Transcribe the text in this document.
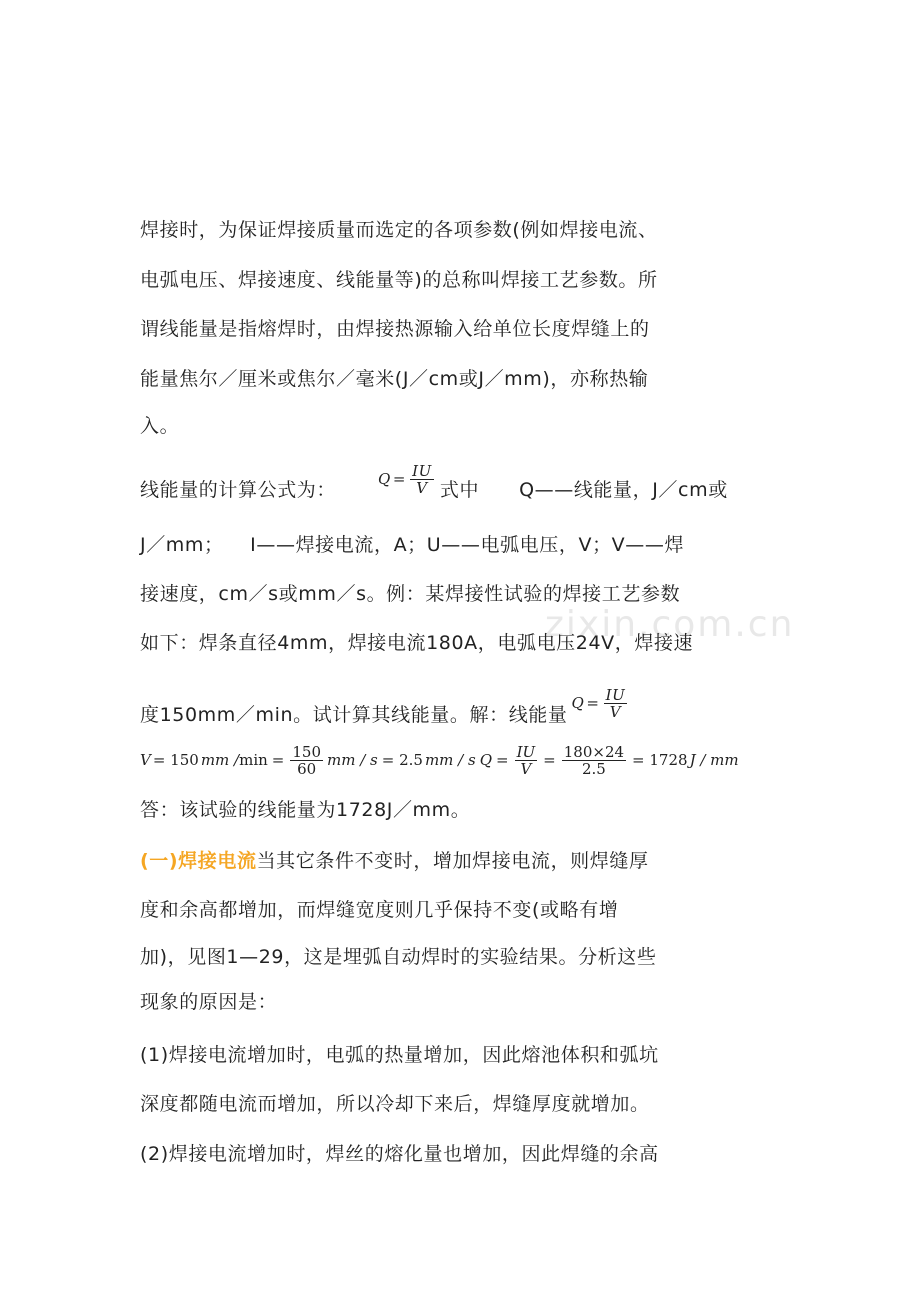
zixin.com.cn
焊接时，为保证焊接质量而选定的各项参数(例如焊接电流、
电弧电压、焊接速度、线能量等)的总称叫焊接工艺参数。所
谓线能量是指熔焊时，由焊接热源输入给单位长度焊缝上的
能量焦尔／厘米或焦尔／毫米(J／cm或J／mm)，亦称热输
入。
线能量的计算公式为：	$Q = \frac{IU}{V}$ 式中 Q——线能量，J／cm或
J／mm；    I——焊接电流，A；U——电弧电压，V；V——焊
接速度，cm／s或mm／s。例：某焊接性试验的焊接工艺参数
如下：焊条直径4mm，焊接电流180A，电弧电压24V，焊接速
度150mm／min。试计算其线能量。解：线能量
$Q = \frac{IU}{V}$
V = 150 mm / $\min = \frac{150}{60}$ mm / s = 2.5 mm / s $Q = \frac{IU}{V} = \frac{180\times 24}{2.5} = 1728$ J / mm
答：该试验的线能量为1728J／mm。
(一)焊接电流当其它条件不变时，增加焊接电流，则焊缝厚
度和余高都增加，而焊缝宽度则几乎保持不变(或略有增
加)，见图1—29，这是埋弧自动焊时的实验结果。分析这些
现象的原因是：
(1)焊接电流增加时，电弧的热量增加，因此熔池体积和弧坑
深度都随电流而增加，所以冷却下来后，焊缝厚度就增加。
(2)焊接电流增加时，焊丝的熔化量也增加，因此焊缝的余高
